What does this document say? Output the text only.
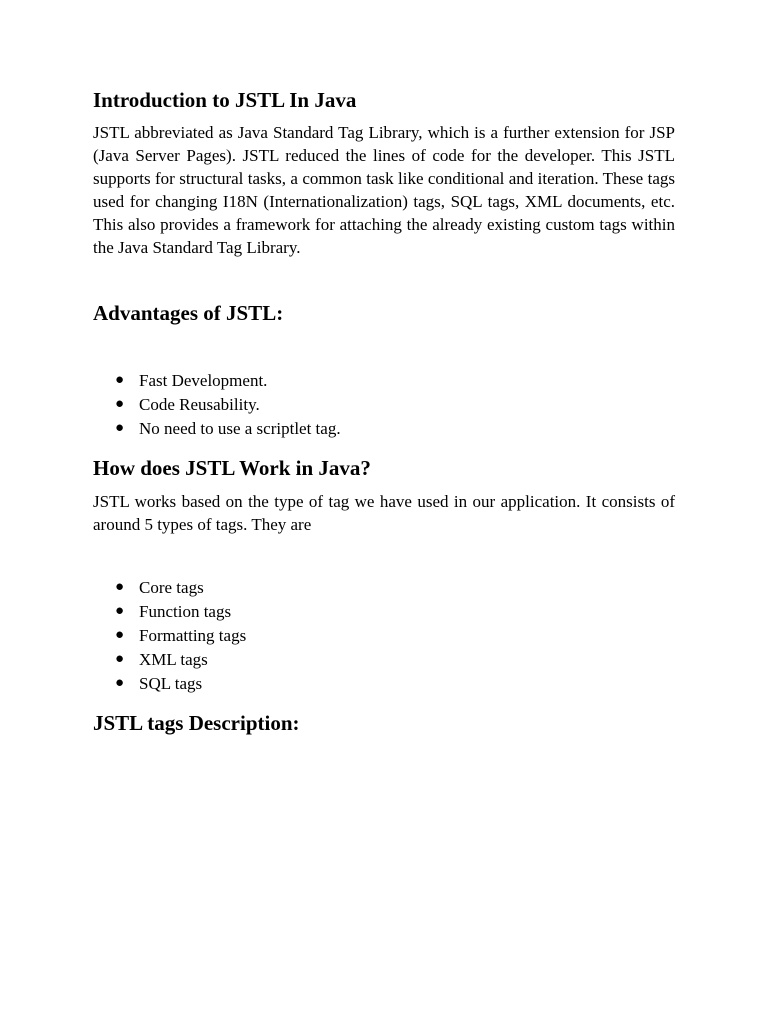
Introduction to JSTL In Java

JSTL abbreviated as Java Standard Tag Library, which is a further extension for JSP (Java Server Pages). JSTL reduced the lines of code for the developer. This JSTL supports for structural tasks, a common task like conditional and iteration. These tags used for changing I18N (Internationalization) tags, SQL tags, XML documents, etc. This also provides a framework for attaching the already existing custom tags within the Java Standard Tag Library.

Advantages of JSTL:
● Fast Development.
● Code Reusability.
● No need to use a scriptlet tag.
How does JSTL Work in Java?

JSTL works based on the type of tag we have used in our application. It consists of around 5 types of tags. They are

● Core tags
● Function tags
● Formatting tags
● XML tags
● SQL tags
JSTL tags Description:
